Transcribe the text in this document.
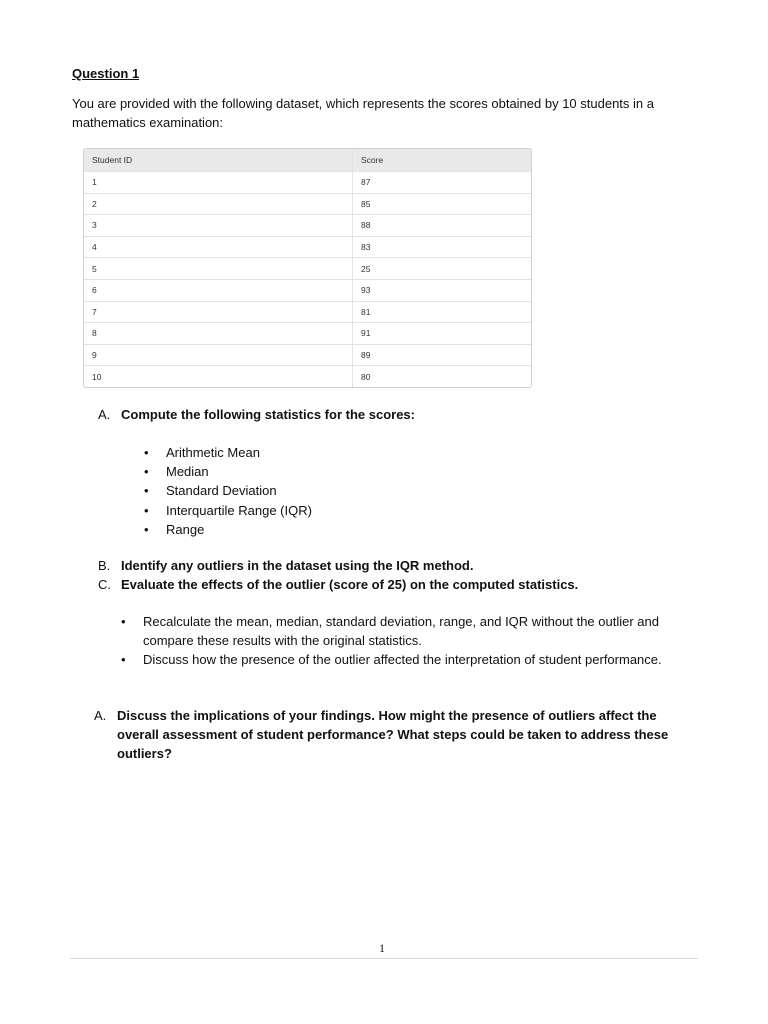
Question 1
You are provided with the following dataset, which represents the scores obtained by 10 students in a mathematics examination:
Student ID	Score
1	87
2	85
3	88
4	83
5	25
6	93
7	81
8	91
9	89
10	80
A. Compute the following statistics for the scores:
• Arithmetic Mean
• Median
• Standard Deviation
• Interquartile Range (IQR)
• Range
B. Identify any outliers in the dataset using the IQR method.
C. Evaluate the effects of the outlier (score of 25) on the computed statistics.
• Recalculate the mean, median, standard deviation, range, and IQR without the outlier and compare these results with the original statistics.
• Discuss how the presence of the outlier affected the interpretation of student performance.
A. Discuss the implications of your findings. How might the presence of outliers affect the overall assessment of student performance? What steps could be taken to address these outliers?
1
